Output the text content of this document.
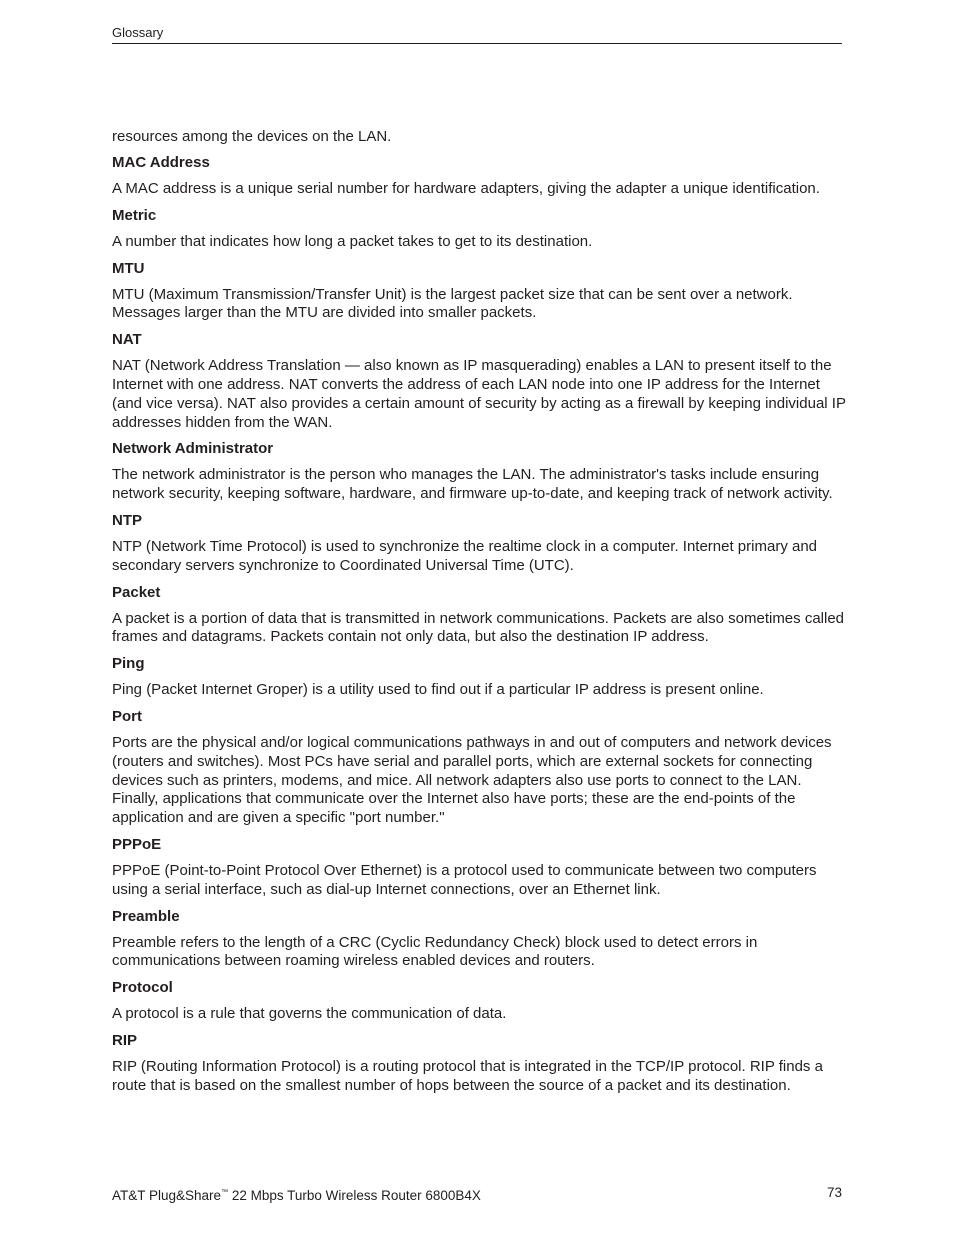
Glossary

resources among the devices on the LAN.

MAC Address

A MAC address is a unique serial number for hardware adapters, giving the adapter a unique identification.

Metric

A number that indicates how long a packet takes to get to its destination.

MTU

MTU (Maximum Transmission/Transfer Unit) is the largest packet size that can be sent over a network. Messages larger than the MTU are divided into smaller packets.

NAT

NAT (Network Address Translation — also known as IP masquerading) enables a LAN to present itself to the Internet with one address. NAT converts the address of each LAN node into one IP address for the Internet (and vice versa). NAT also provides a certain amount of security by acting as a firewall by keeping individual IP addresses hidden from the WAN.

Network Administrator

The network administrator is the person who manages the LAN. The administrator's tasks include ensuring network security, keeping software, hardware, and firmware up-to-date, and keeping track of network activity.

NTP

NTP (Network Time Protocol) is used to synchronize the realtime clock in a computer. Internet primary and secondary servers synchronize to Coordinated Universal Time (UTC).

Packet

A packet is a portion of data that is transmitted in network communications. Packets are also sometimes called frames and datagrams. Packets contain not only data, but also the destination IP address.

Ping

Ping (Packet Internet Groper) is a utility used to find out if a particular IP address is present online.

Port

Ports are the physical and/or logical communications pathways in and out of computers and network devices (routers and switches). Most PCs have serial and parallel ports, which are external sockets for connecting devices such as printers, modems, and mice. All network adapters also use ports to connect to the LAN. Finally, applications that communicate over the Internet also have ports; these are the end-points of the application and are given a specific "port number."

PPPoE

PPPoE (Point-to-Point Protocol Over Ethernet) is a protocol used to communicate between two computers using a serial interface, such as dial-up Internet connections, over an Ethernet link.

Preamble

Preamble refers to the length of a CRC (Cyclic Redundancy Check) block used to detect errors in communications between roaming wireless enabled devices and routers.

Protocol

A protocol is a rule that governs the communication of data.

RIP

RIP (Routing Information Protocol) is a routing protocol that is integrated in the TCP/IP protocol. RIP finds a route that is based on the smallest number of hops between the source of a packet and its destination.

AT&T Plug&Share™ 22 Mbps Turbo Wireless Router 6800B4X	73
